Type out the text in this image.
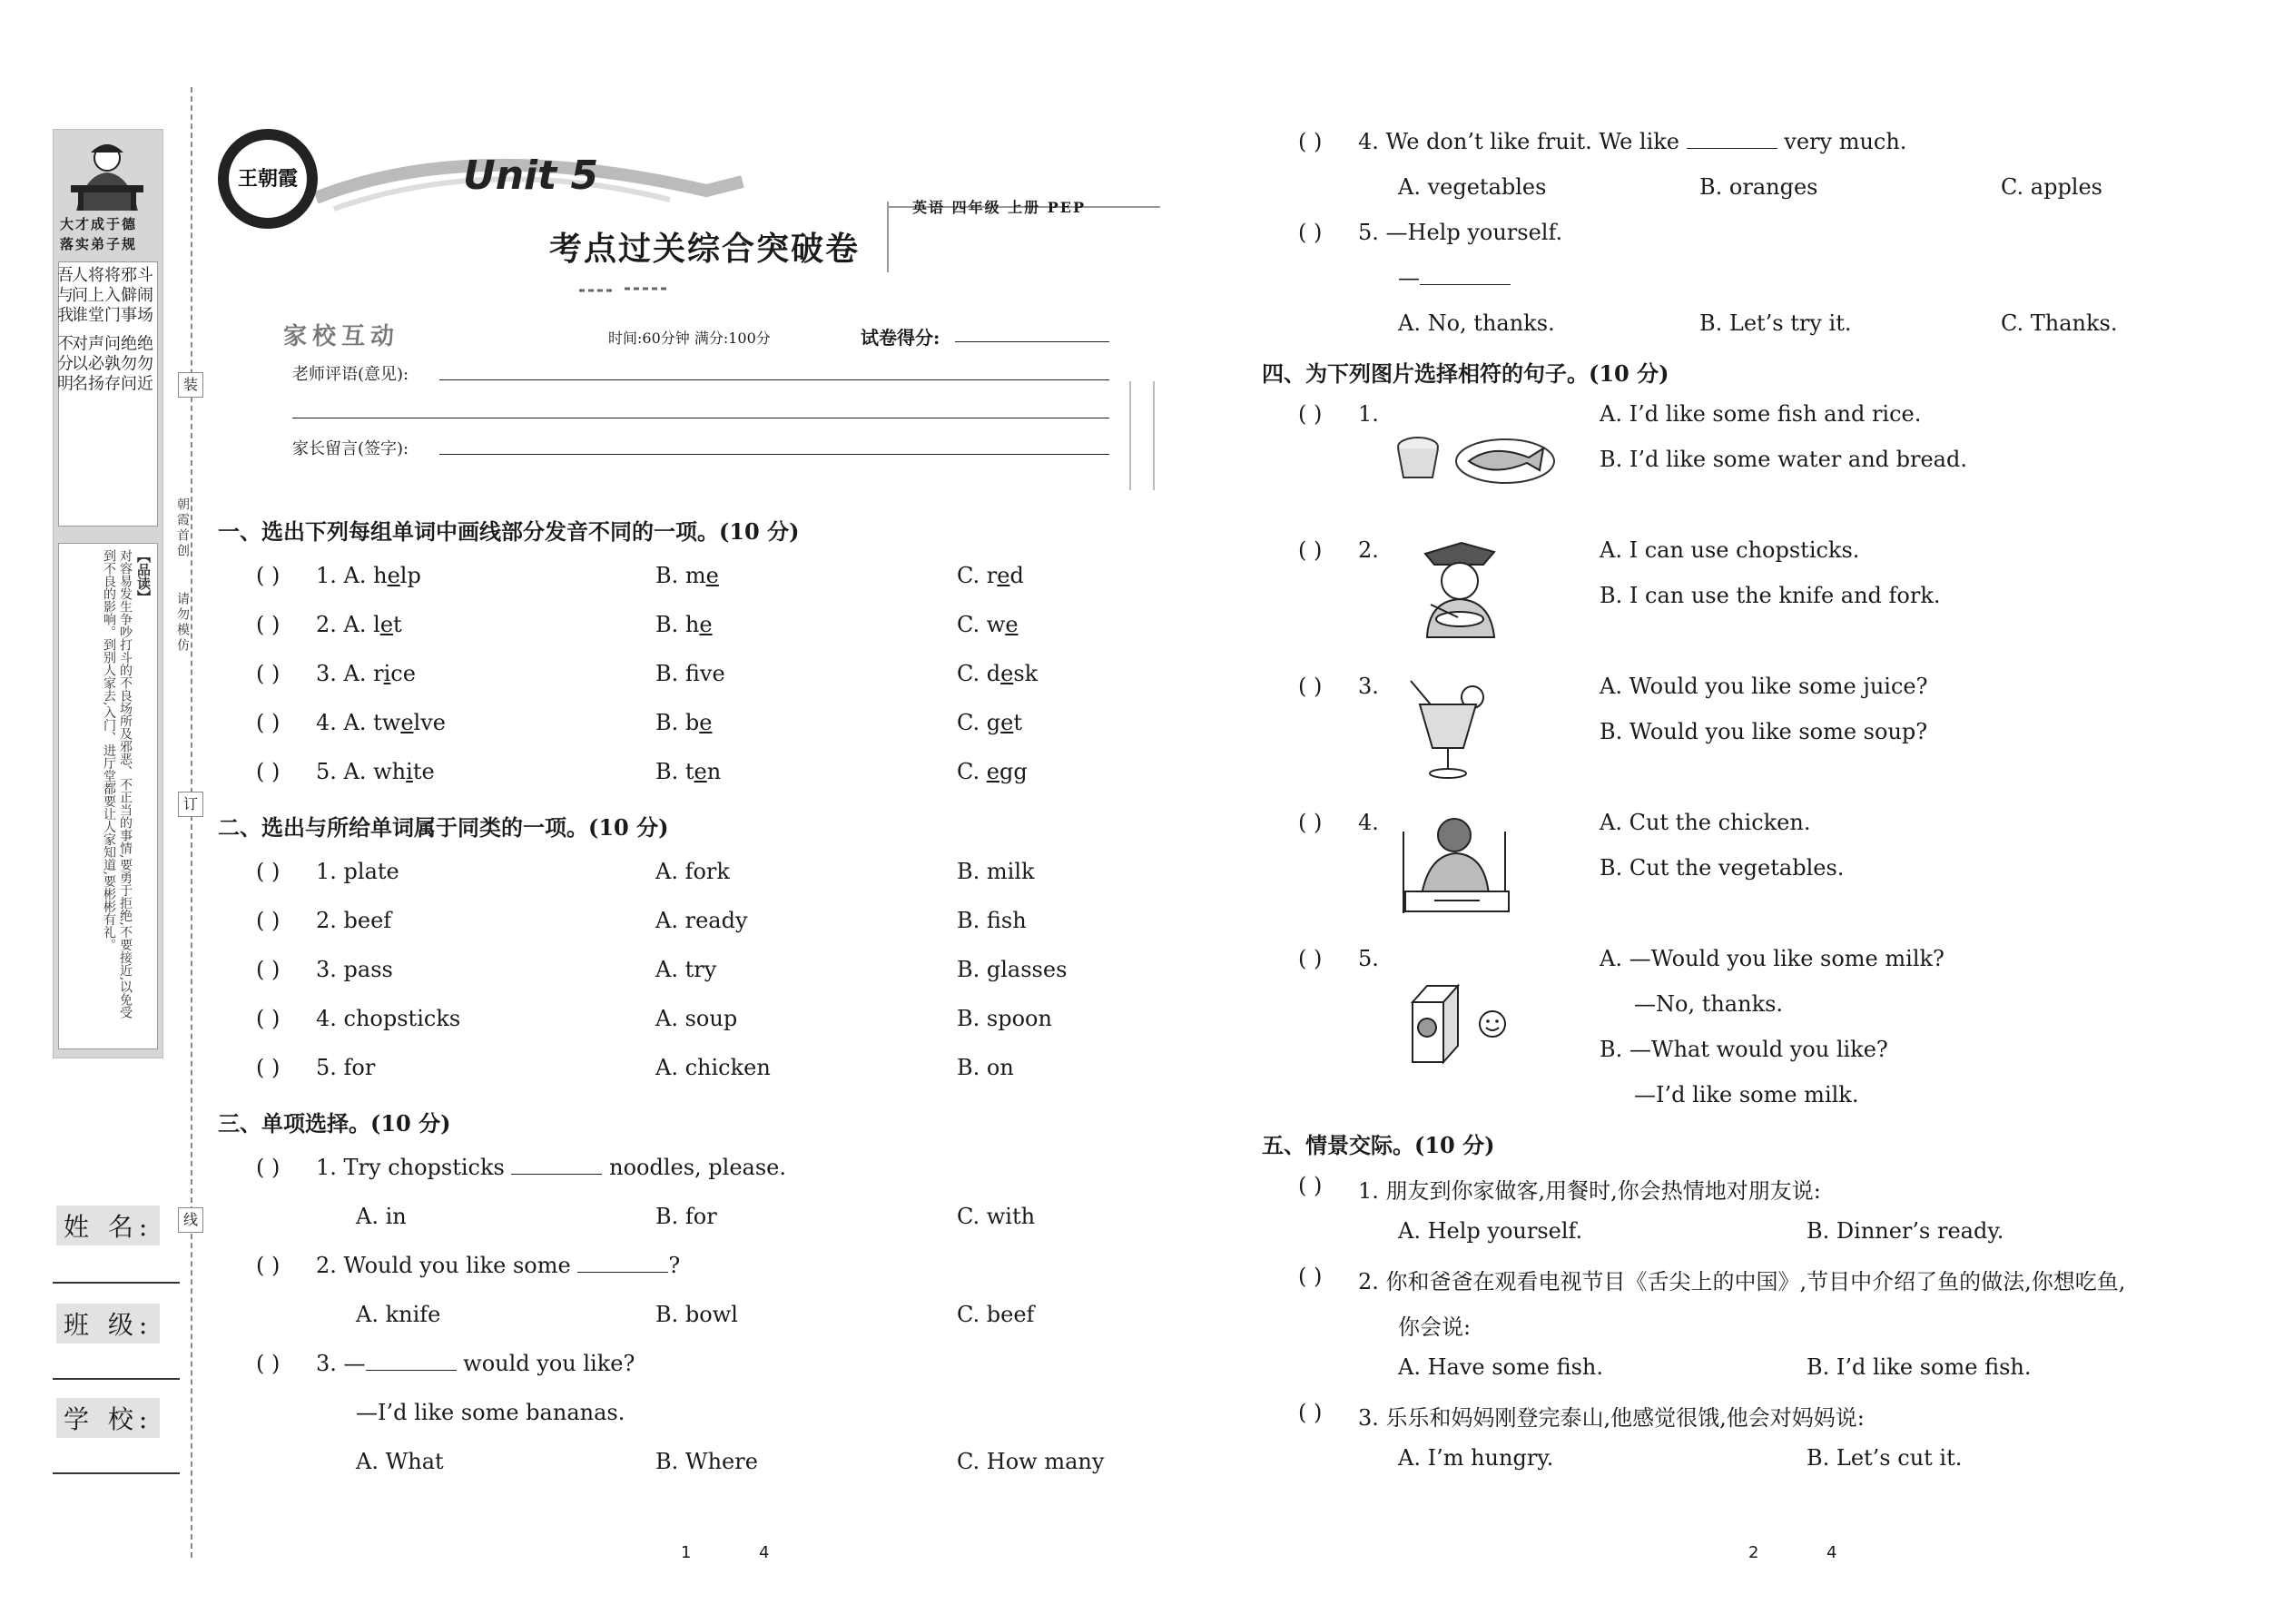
大才成于德
落实弟子规
斗闹场 绝勿近
邪僻事 绝勿问
将入门 问孰存
将上堂 声必扬
人问谁 对以名
吾与我 不分明
【品读】
对容易发生争吵打斗的不良场所及邪恶、不正当的事情,要勇于拒绝,不要接近,以免受到不良的影响。到别人家去,入门、进厅堂都要让人家知道,要彬彬有礼。
朝霞首创
请勿模仿
装
订
线
姓 名:
班 级:
学 校:
王朝霞	Unit 5
考点过关综合突破卷
英语 四年级 上册 PEP
家校互动	时间:60分钟 满分:100分	试卷得分:
老师评语(意见):
家长留言(签字):
一、选出下列每组单词中画线部分发音不同的一项。(10 分)
( ) 1. A. help	B. me	C. red
( ) 2. A. let	B. he	C. we
( ) 3. A. rice	B. fve	C. desk
( ) 4. A. twelve	B. be	C. get
( ) 5. A. white	B. ten	C. egg
二、选出与所给单词属于同类的一项。(10 分)
( ) 1. plate	A. fork	B. milk
( ) 2. beef	A. ready	B. fish
( ) 3. pass	A. try	B. glasses
( ) 4. chopsticks	A. soup	B. spoon
( ) 5. for	A. chicken	B. on
三、单项选择。(10 分)
( ) 1. Try chopsticks	noodles, please.
A. in	B. for	C. with
( ) 2. Would you like some	?
A. knife	B. bowl	C. beef
( ) 3. —	would you like?
—I’d like some bananas.
A. What	B. Where	C. How many
1	4
( ) 4. We don’t like fruit. We like	very much.
A. vegetables	B. oranges	C. apples
( ) 5. —Help yourself.
—
A. No, thanks.	B. Let’s try it.	C. Thanks.
四、为下列图片选择相符的句子。(10 分)
( ) 1.	A. I’d like some fish and rice.
B. I’d like some water and bread.
( ) 2.	A. I can use chopsticks.
B. I can use the knife and fork.
( ) 3.	A. Would you like some juice?
B. Would you like some soup?
( ) 4.	A. Cut the chicken.
B. Cut the vegetables.
( ) 5.	A. —Would you like some milk?
—No, thanks.
B. —What would you like?
—I’d like some milk.
五、情景交际。(10 分)
( ) 1. 朋友到你家做客,用餐时,你会热情地对朋友说:
A. Help yourself.	B. Dinner’s ready.
( ) 2. 你和爸爸在观看电视节目《舌尖上的中国》,节目中介绍了鱼的做法,你想吃鱼,
你会说:
A. Have some fish.	B. I’d like some fish.
( ) 3. 乐乐和妈妈刚登完泰山,他感觉很饿,他会对妈妈说:
A. I’m hungry.	B. Let’s cut it.
2	4
